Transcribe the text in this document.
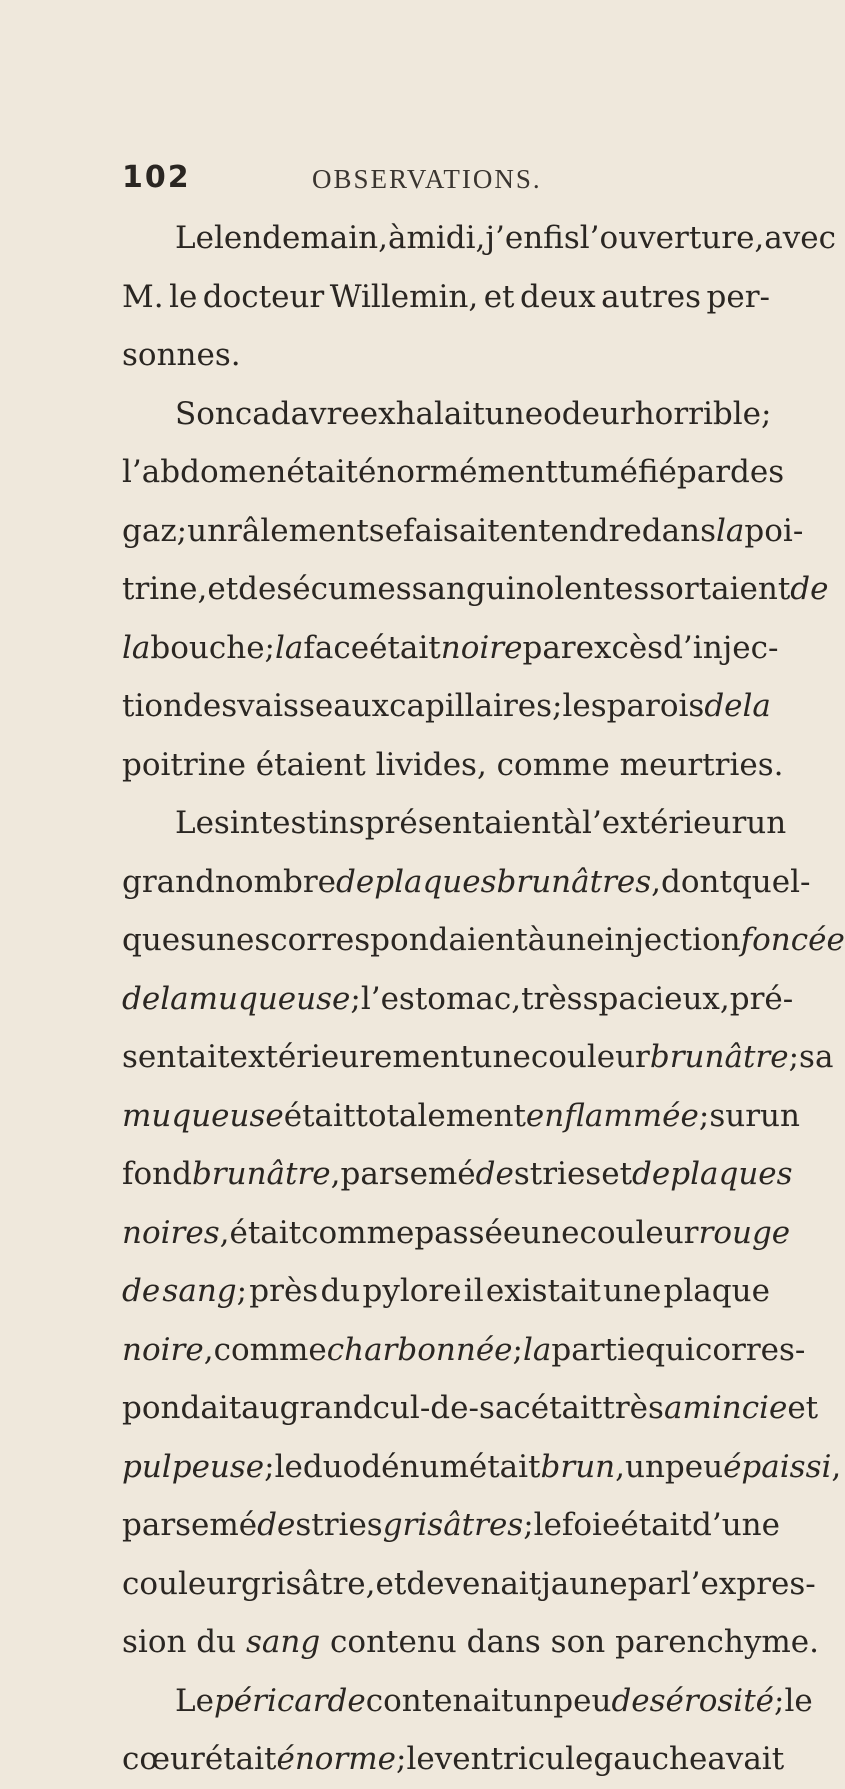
102	OBSERVATIONS.
Le lendemain, à midi, j’en fis l’ouverture, avec
M. le docteur Willemin, et deux autres per-
sonnes.
Son cadavre exhalait une odeur horrible;
l’abdomen était énormément tuméfié par des
gaz; un râlement se faisait entendre dans la poi-
trine, et des écumes sanguinolentes sortaient de
la bouche; la face était noire par excès d’injec-
tion des vaisseaux capillaires; les parois de la
poitrine étaient livides, comme meurtries.
Les intestins présentaient à l’extérieur un
grand nombre de plaques brunâtres, dont quel-
ques unes correspondaient à une injection foncée
de la muqueuse; l’estomac, très spacieux, pré-
sentait extérieurement une couleur brunâtre; sa
muqueuse était totalement enflammée; sur un
fond brunâtre, parsemé de stries et de plaques
noires, était comme passée une couleur rouge
de sang; près du pylore il existait une plaque
noire, comme charbonnée; la partie qui corres-
pondait au grand cul-de-sac était très amincie et
pulpeuse; le duodénum était brun, un peu épaissi,
parsemé de stries grisâtres; le foie était d’une
couleur grisâtre, et devenait jaune par l’expres-
sion du sang contenu dans son parenchyme.
Le péricarde contenait un peu de sérosité; le
cœur était énorme; le ventricule gauche avait
